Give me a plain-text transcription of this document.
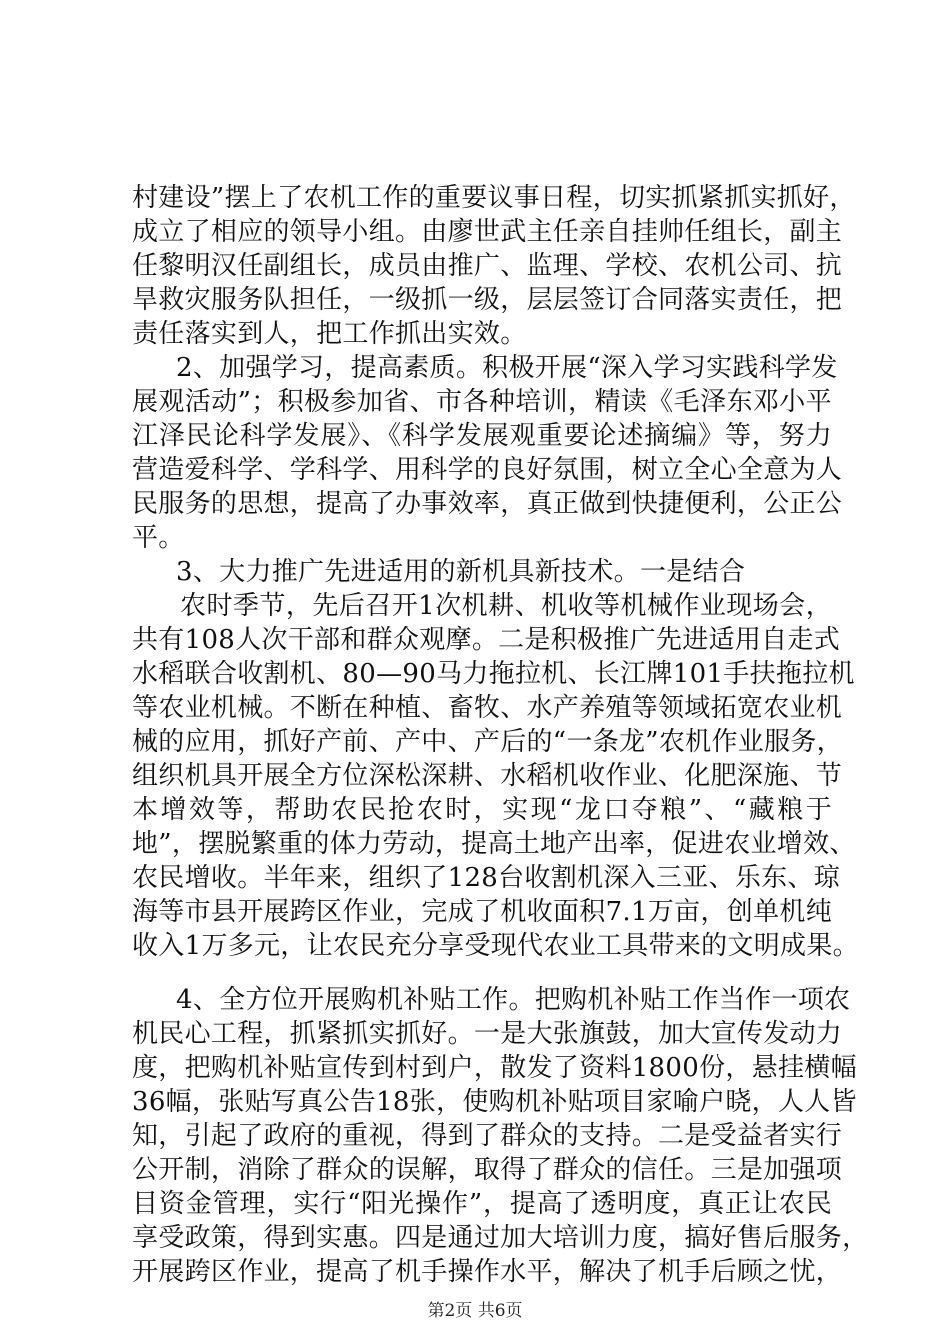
村建设”摆上了农机工作的重要议事日程，切实抓紧抓实抓好，
成立了相应的领导小组。由廖世武主任亲自挂帅任组长，副主
任黎明汉任副组长，成员由推广、监理、学校、农机公司、抗
旱救灾服务队担任，一级抓一级，层层签订合同落实责任，把
责任落实到人，把工作抓出实效。
2、加强学习，提高素质。积极开展“深入学习实践科学发
展观活动”；积极参加省、市各种培训，精读《毛泽东邓小平
江泽民论科学发展》、《科学发展观重要论述摘编》等，努力
营造爱科学、学科学、用科学的良好氛围，树立全心全意为人
民服务的思想，提高了办事效率，真正做到快捷便利，公正公
平。
3、大力推广先进适用的新机具新技术。一是结合
农时季节，先后召开1次机耕、机收等机械作业现场会，
共有108人次干部和群众观摩。二是积极推广先进适用自走式
水稻联合收割机、80—90马力拖拉机、长江牌101手扶拖拉机
等农业机械。不断在种植、畜牧、水产养殖等领域拓宽农业机
械的应用，抓好产前、产中、产后的“一条龙”农机作业服务，
组织机具开展全方位深松深耕、水稻机收作业、化肥深施、节
本增效等，帮助农民抢农时，实现“龙口夺粮”、“藏粮于
地”，摆脱繁重的体力劳动，提高土地产出率，促进农业增效、
农民增收。半年来，组织了128台收割机深入三亚、乐东、琼
海等市县开展跨区作业，完成了机收面积7.1万亩，创单机纯
收入1万多元，让农民充分享受现代农业工具带来的文明成果。
4、全方位开展购机补贴工作。把购机补贴工作当作一项农
机民心工程，抓紧抓实抓好。一是大张旗鼓，加大宣传发动力
度，把购机补贴宣传到村到户，散发了资料1800份，悬挂横幅
36幅，张贴写真公告18张，使购机补贴项目家喻户晓，人人皆
知，引起了政府的重视，得到了群众的支持。二是受益者实行
公开制，消除了群众的误解，取得了群众的信任。三是加强项
目资金管理，实行“阳光操作”，提高了透明度，真正让农民
享受政策，得到实惠。四是通过加大培训力度，搞好售后服务，
开展跨区作业，提高了机手操作水平，解决了机手后顾之忧，
第2页 共6页
